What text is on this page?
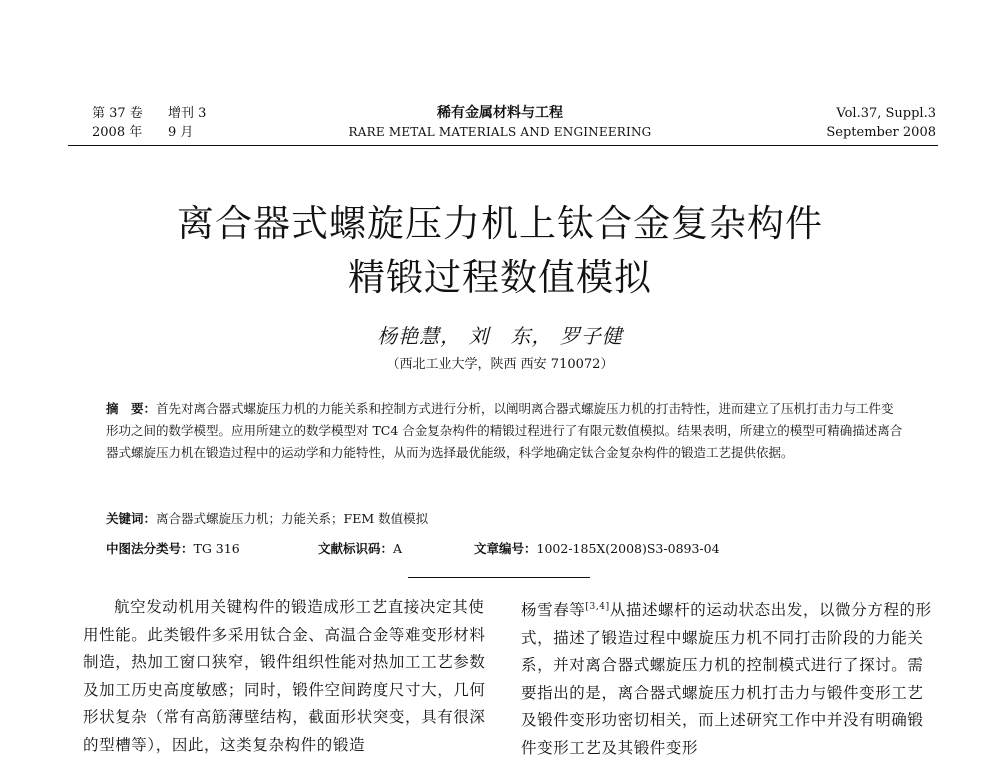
第 37 卷
2008 年
增刊 3
9 月
稀有金属材料与工程
RARE METAL MATERIALS AND ENGINEERING
Vol.37, Suppl.3
September 2008
离合器式螺旋压力机上钛合金复杂构件
精锻过程数值模拟
杨艳慧， 刘　东， 罗子健
（西北工业大学，陕西 西安 710072）
摘　要：首先对离合器式螺旋压力机的力能关系和控制方式进行分析，以阐明离合器式螺旋压力机的打击特性，进而建立了压机打击力与工件变形功之间的数学模型。应用所建立的数学模型对 TC4 合金复杂构件的精锻过程进行了有限元数值模拟。结果表明，所建立的模型可精确描述离合器式螺旋压力机在锻造过程中的运动学和力能特性，从而为选择最优能级，科学地确定钛合金复杂构件的锻造工艺提供依据。
关键词：离合器式螺旋压力机；力能关系；FEM 数值模拟
中图法分类号：TG 316	文献标识码：A	文章编号：1002-185X(2008)S3-0893-04

航空发动机用关键构件的锻造成形工艺直接决定其使用性能。此类锻件多采用钛合金、高温合金等难变形材料制造，热加工窗口狭窄，锻件组织性能对热加工工艺参数及加工历史高度敏感；同时，锻件空间跨度尺寸大，几何形状复杂（常有高筋薄壁结构，截面形状突变，具有很深的型槽等），因此，这类复杂构件的锻造

杨雪春等[3,4]从描述螺杆的运动状态出发，以微分方程的形式，描述了锻造过程中螺旋压力机不同打击阶段的力能关系，并对离合器式螺旋压力机的控制模式进行了探讨。需要指出的是，离合器式螺旋压力机打击力与锻件变形工艺及锻件变形功密切相关，而上述研究工作中并没有明确锻件变形工艺及其锻件变形
